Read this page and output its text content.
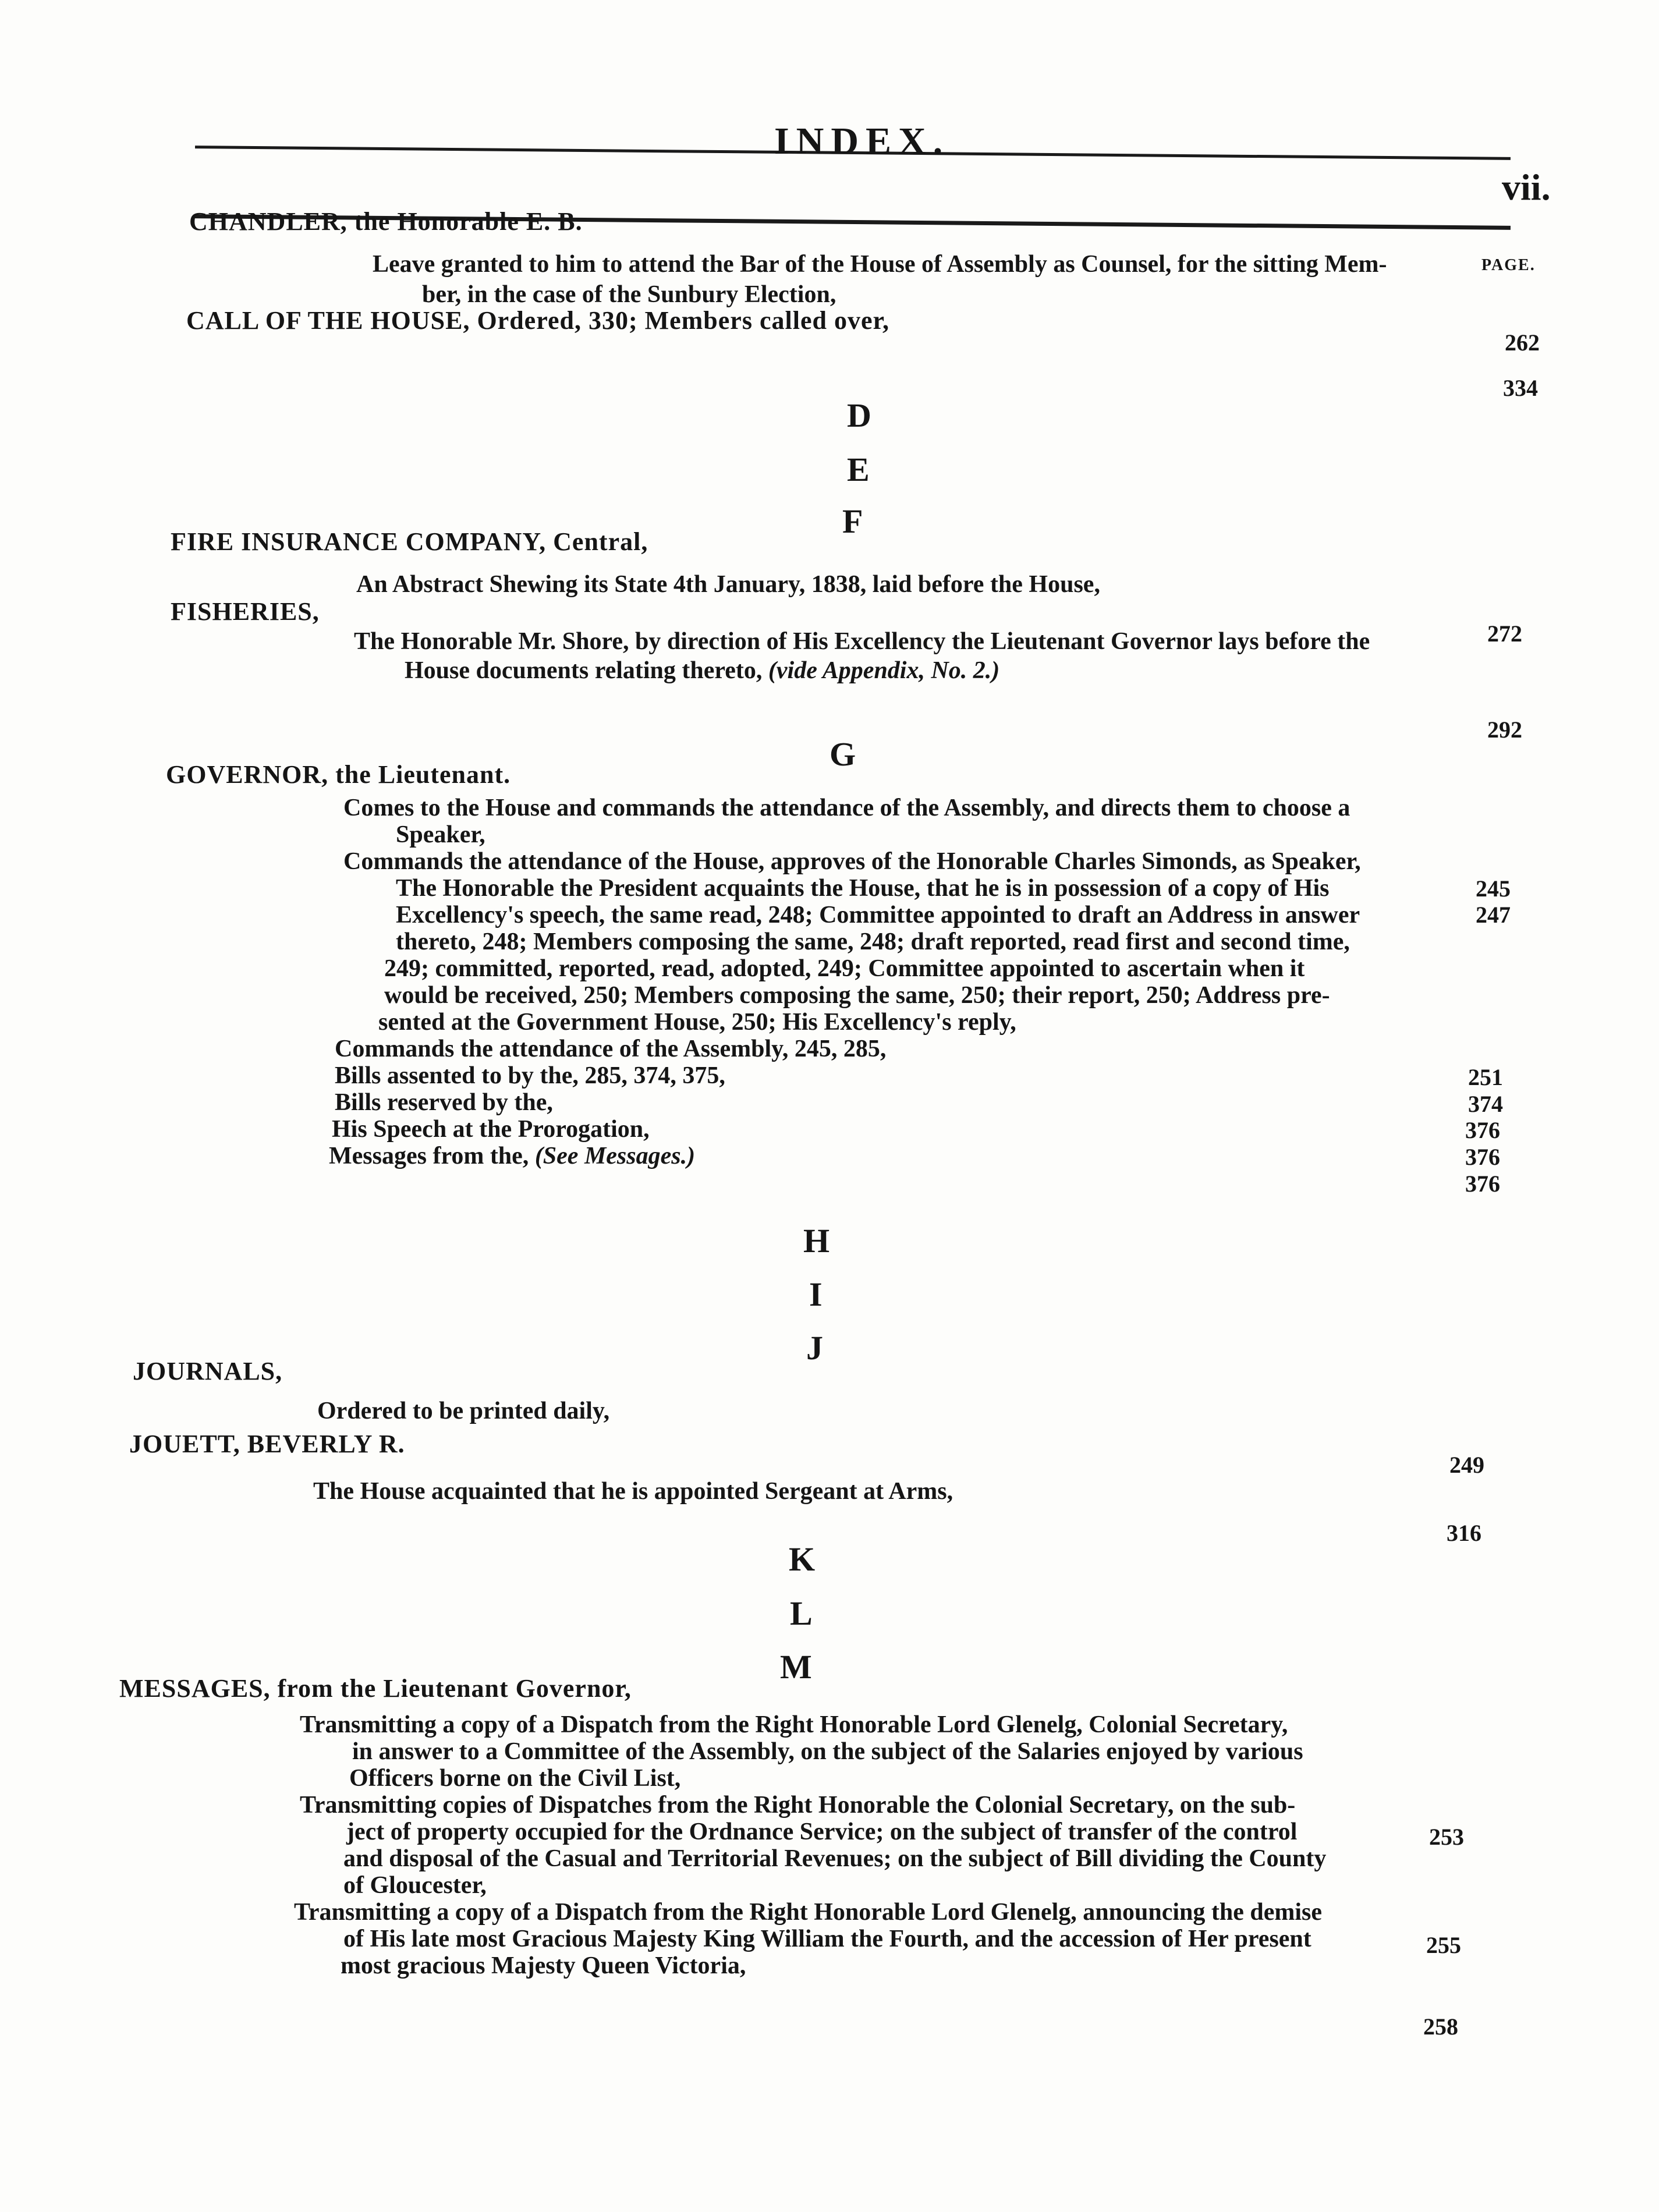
INDEX.
vii.
PAGE.
CHANDLER, the Honorable E. B.
Leave granted to him to attend the Bar of the House of Assembly as Counsel, for the sitting Mem-
ber, in the case of the Sunbury Election,
262
CALL OF THE HOUSE, Ordered, 330; Members called over,
334
D
E
F
FIRE INSURANCE COMPANY, Central,
An Abstract Shewing its State 4th January, 1838, laid before the House,
272
FISHERIES,
The Honorable Mr. Shore, by direction of His Excellency the Lieutenant Governor lays before the
House documents relating thereto, (vide Appendix, No. 2.)
292
G
GOVERNOR, the Lieutenant.
Comes to the House and commands the attendance of the Assembly, and directs them to choose a
Speaker,
Commands the attendance of the House, approves of the Honorable Charles Simonds, as Speaker,
The Honorable the President acquaints the House, that he is in possession of a copy of His
Excellency's speech, the same read, 248; Committee appointed to draft an Address in answer
thereto, 248; Members composing the same, 248; draft reported, read first and second time,
249; committed, reported, read, adopted, 249; Committee appointed to ascertain when it
would be received, 250; Members composing the same, 250; their report, 250; Address pre-
sented at the Government House, 250; His Excellency's reply,
Commands the attendance of the Assembly, 245, 285,
Bills assented to by the, 285, 374, 375,
Bills reserved by the,
His Speech at the Prorogation,
Messages from the, (See Messages.)
245
247
251
374
376
376
376
H
I
J
JOURNALS,
Ordered to be printed daily,
249
JOUETT, BEVERLY R.
The House acquainted that he is appointed Sergeant at Arms,
316
K
L
M
MESSAGES, from the Lieutenant Governor,
Transmitting a copy of a Dispatch from the Right Honorable Lord Glenelg, Colonial Secretary,
in answer to a Committee of the Assembly, on the subject of the Salaries enjoyed by various
Officers borne on the Civil List,
Transmitting copies of Dispatches from the Right Honorable the Colonial Secretary, on the sub-
ject of property occupied for the Ordnance Service; on the subject of transfer of the control
and disposal of the Casual and Territorial Revenues; on the subject of Bill dividing the County
of Gloucester,
Transmitting a copy of a Dispatch from the Right Honorable Lord Glenelg, announcing the demise
of His late most Gracious Majesty King William the Fourth, and the accession of Her present
most gracious Majesty Queen Victoria,
253
255
258
